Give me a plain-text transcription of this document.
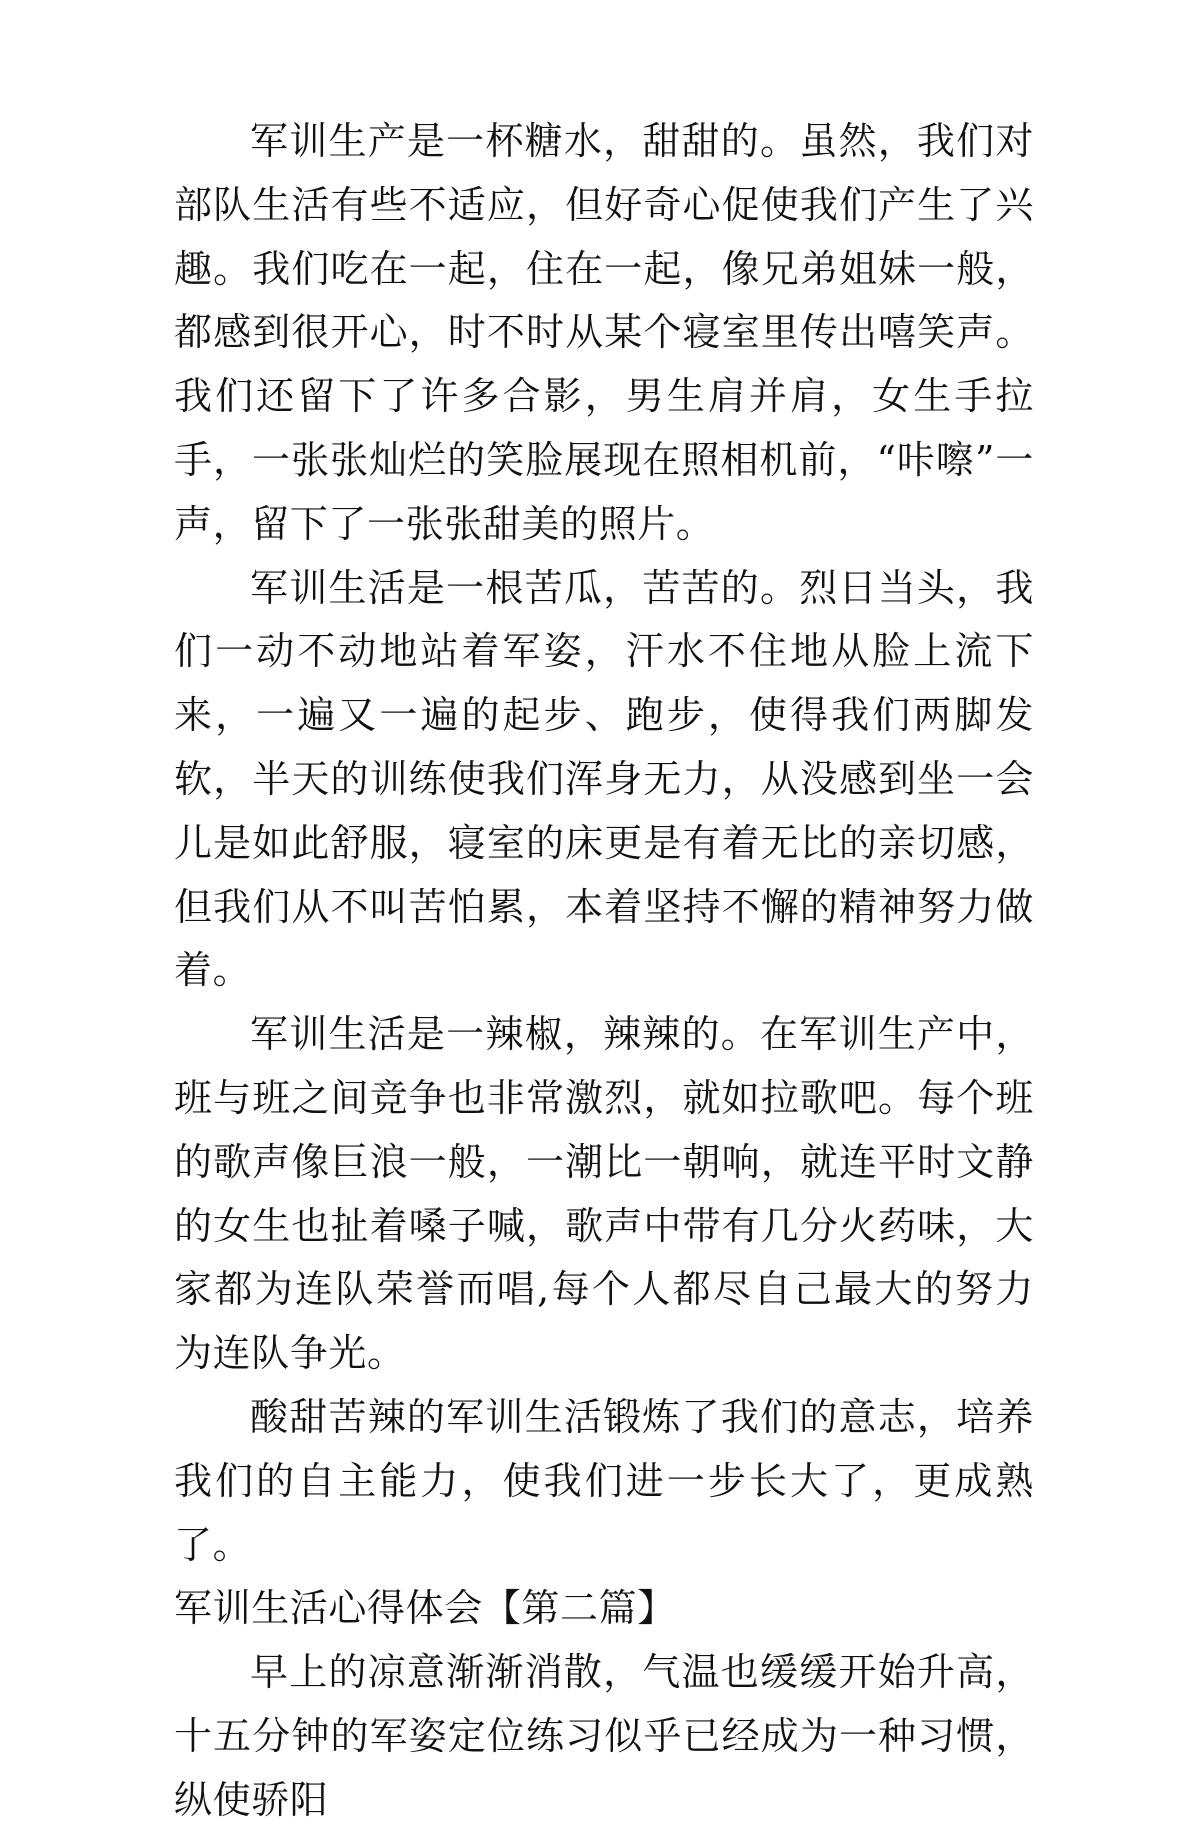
军训生产是一杯糖水，甜甜的。虽然，我们对部队生活有些不适应，但好奇心促使我们产生了兴趣。我们吃在一起，住在一起，像兄弟姐妹一般，都感到很开心，时不时从某个寝室里传出嘻笑声。我们还留下了许多合影，男生肩并肩，女生手拉手，一张张灿烂的笑脸展现在照相机前，“咔嚓”一声，留下了一张张甜美的照片。

军训生活是一根苦瓜，苦苦的。烈日当头，我们一动不动地站着军姿，汗水不住地从脸上流下来，一遍又一遍的起步、跑步，使得我们两脚发软，半天的训练使我们浑身无力，从没感到坐一会儿是如此舒服，寝室的床更是有着无比的亲切感，但我们从不叫苦怕累，本着坚持不懈的精神努力做着。

军训生活是一辣椒，辣辣的。在军训生产中，班与班之间竞争也非常激烈，就如拉歌吧。每个班的歌声像巨浪一般，一潮比一朝响，就连平时文静的女生也扯着嗓子喊，歌声中带有几分火药味，大家都为连队荣誉而唱,每个人都尽自己最大的努力为连队争光。

酸甜苦辣的军训生活锻炼了我们的意志，培养我们的自主能力，使我们进一步长大了，更成熟了。

军训生活心得体会【第二篇】

早上的凉意渐渐消散，气温也缓缓开始升高，十五分钟的军姿定位练习似乎已经成为一种习惯，纵使骄阳
